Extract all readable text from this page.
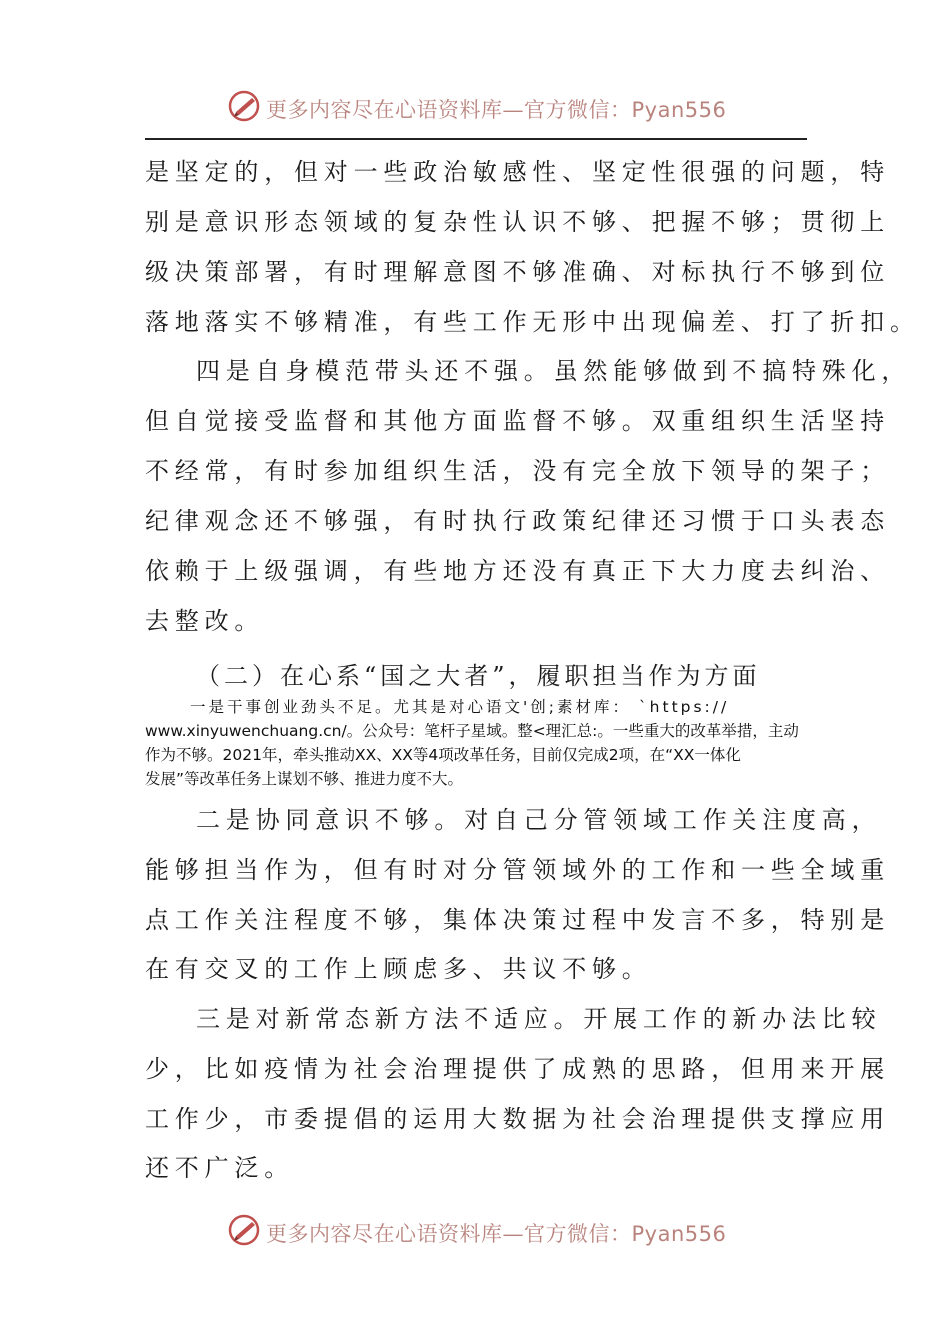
更多内容尽在心语资料库—官方微信：Pyan556
是坚定的，但对一些政治敏感性、坚定性很强的问题，特
别是意识形态领域的复杂性认识不够、把握不够；贯彻上
级决策部署，有时理解意图不够准确、对标执行不够到位
落地落实不够精准，有些工作无形中出现偏差、打了折扣。
四是自身模范带头还不强。虽然能够做到不搞特殊化，
但自觉接受监督和其他方面监督不够。双重组织生活坚持
不经常，有时参加组织生活，没有完全放下领导的架子；
纪律观念还不够强，有时执行政策纪律还习惯于口头表态
依赖于上级强调，有些地方还没有真正下大力度去纠治、
去整改。
（二）在心系“国之大者”，履职担当作为方面
一是干事创业劲头不足。尤其是对心语文'创;素材库： `https://
www.xinyuwenchuang.cn/。公众号：笔杆子星域。整<理汇总:。一些重大的改革举措，主动
作为不够。2021年，牵头推动XX、XX等4项改革任务，目前仅完成2项，在“XX一体化
发展”等改革任务上谋划不够、推进力度不大。
二是协同意识不够。对自己分管领域工作关注度高，
能够担当作为，但有时对分管领域外的工作和一些全域重
点工作关注程度不够，集体决策过程中发言不多，特别是
在有交叉的工作上顾虑多、共议不够。
三是对新常态新方法不适应。开展工作的新办法比较
少，比如疫情为社会治理提供了成熟的思路，但用来开展
工作少，市委提倡的运用大数据为社会治理提供支撑应用
还不广泛。
更多内容尽在心语资料库—官方微信：Pyan556
